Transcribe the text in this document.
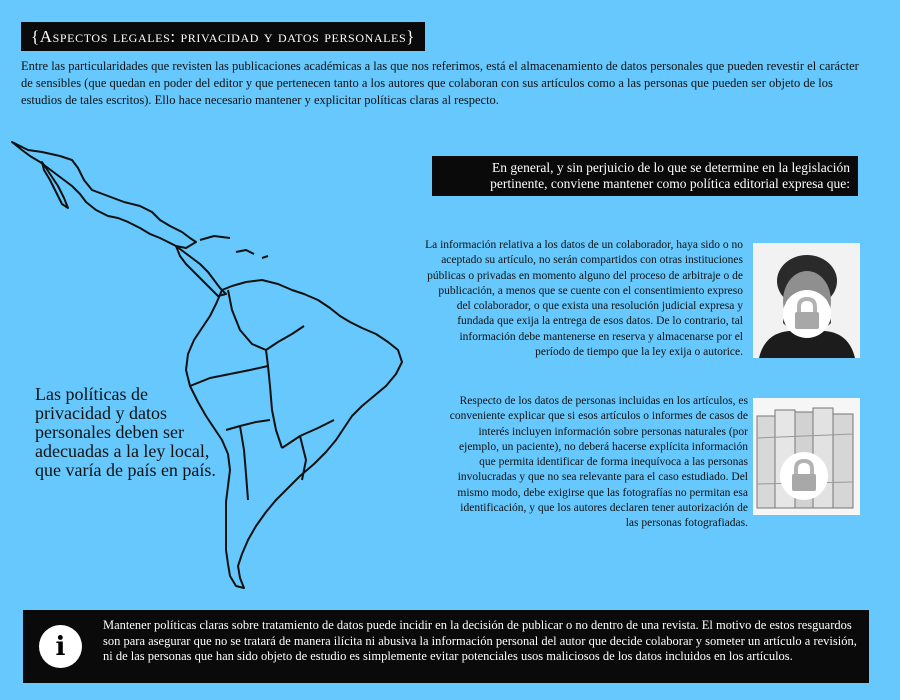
{Aspectos legales: privacidad y datos personales}

Entre las particularidades que revisten las publicaciones académicas a las que nos referimos, está el almacenamiento de datos personales que pueden revestir el carácter de sensibles (que quedan en poder del editor y que pertenecen tanto a los autores que colaboran con sus artículos como a las personas que pueden ser objeto de los estudios de tales escritos). Ello hace necesario mantener y explicitar políticas claras al respecto.

Las políticas de privacidad y datos personales deben ser adecuadas a la ley local, que varía de país en país.

En general, y sin perjuicio de lo que se determine en la legislación pertinente, conviene mantener como política editorial expresa que:

La información relativa a los datos de un colaborador, haya sido o no aceptado su artículo, no serán compartidos con otras instituciones públicas o privadas en momento alguno del proceso de arbitraje o de publicación, a menos que se cuente con el consentimiento expreso del colaborador, o que exista una resolución judicial expresa y fundada que exija la entrega de esos datos. De lo contrario, tal información debe mantenerse en reserva y almacenarse por el período de tiempo que la ley exija o autorice.

Respecto de los datos de personas incluidas en los artículos, es conveniente explicar que si esos artículos o informes de casos de interés incluyen información sobre personas naturales (por ejemplo, un paciente), no deberá hacerse explícita información que permita identificar de forma inequívoca a las personas involucradas y que no sea relevante para el caso estudiado. Del mismo modo, debe exigirse que las fotografías no permitan esa identificación, y que los autores declaren tener autorización de las personas fotografiadas.

i

Mantener políticas claras sobre tratamiento de datos puede incidir en la decisión de publicar o no dentro de una revista. El motivo de estos resguardos son para asegurar que no se tratará de manera ilícita ni abusiva la información personal del autor que decide colaborar y someter un artículo a revisión, ni de las personas que han sido objeto de estudio es simplemente evitar potenciales usos maliciosos de los datos incluidos en los artículos.
